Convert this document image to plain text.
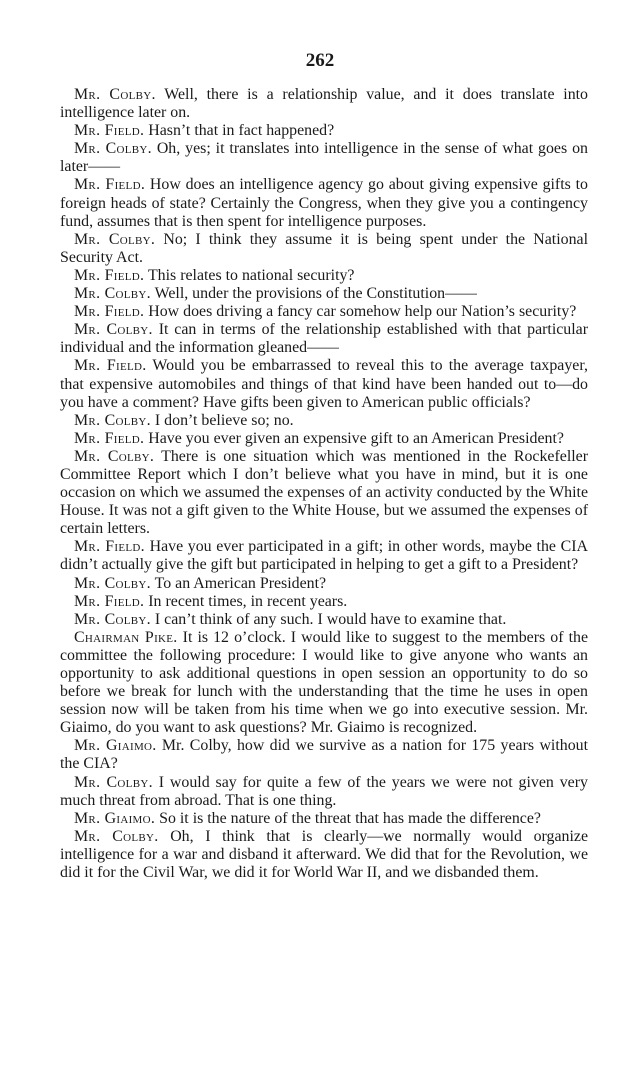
262

Mr. Colby. Well, there is a relationship value, and it does translate into intelligence later on.

Mr. Field. Hasn’t that in fact happened?

Mr. Colby. Oh, yes; it translates into intelligence in the sense of what goes on later——

Mr. Field. How does an intelligence agency go about giving expensive gifts to foreign heads of state? Certainly the Congress, when they give you a contingency fund, assumes that is then spent for intelligence purposes.

Mr. Colby. No; I think they assume it is being spent under the National Security Act.

Mr. Field. This relates to national security?

Mr. Colby. Well, under the provisions of the Constitution——

Mr. Field. How does driving a fancy car somehow help our Nation’s security?

Mr. Colby. It can in terms of the relationship established with that particular individual and the information gleaned——

Mr. Field. Would you be embarrassed to reveal this to the average taxpayer, that expensive automobiles and things of that kind have been handed out to—do you have a comment? Have gifts been given to American public officials?

Mr. Colby. I don’t believe so; no.

Mr. Field. Have you ever given an expensive gift to an American President?

Mr. Colby. There is one situation which was mentioned in the Rockefeller Committee Report which I don’t believe what you have in mind, but it is one occasion on which we assumed the expenses of an activity conducted by the White House. It was not a gift given to the White House, but we assumed the expenses of certain letters.

Mr. Field. Have you ever participated in a gift; in other words, maybe the CIA didn’t actually give the gift but participated in helping to get a gift to a President?

Mr. Colby. To an American President?

Mr. Field. In recent times, in recent years.

Mr. Colby. I can’t think of any such. I would have to examine that.

Chairman Pike. It is 12 o’clock. I would like to suggest to the members of the committee the following procedure: I would like to give anyone who wants an opportunity to ask additional questions in open session an opportunity to do so before we break for lunch with the understanding that the time he uses in open session now will be taken from his time when we go into executive session. Mr. Giaimo, do you want to ask questions? Mr. Giaimo is recognized.

Mr. Giaimo. Mr. Colby, how did we survive as a nation for 175 years without the CIA?

Mr. Colby. I would say for quite a few of the years we were not given very much threat from abroad. That is one thing.

Mr. Giaimo. So it is the nature of the threat that has made the difference?

Mr. Colby. Oh, I think that is clearly—we normally would organize intelligence for a war and disband it afterward. We did that for the Revolution, we did it for the Civil War, we did it for World War II, and we disbanded them.
